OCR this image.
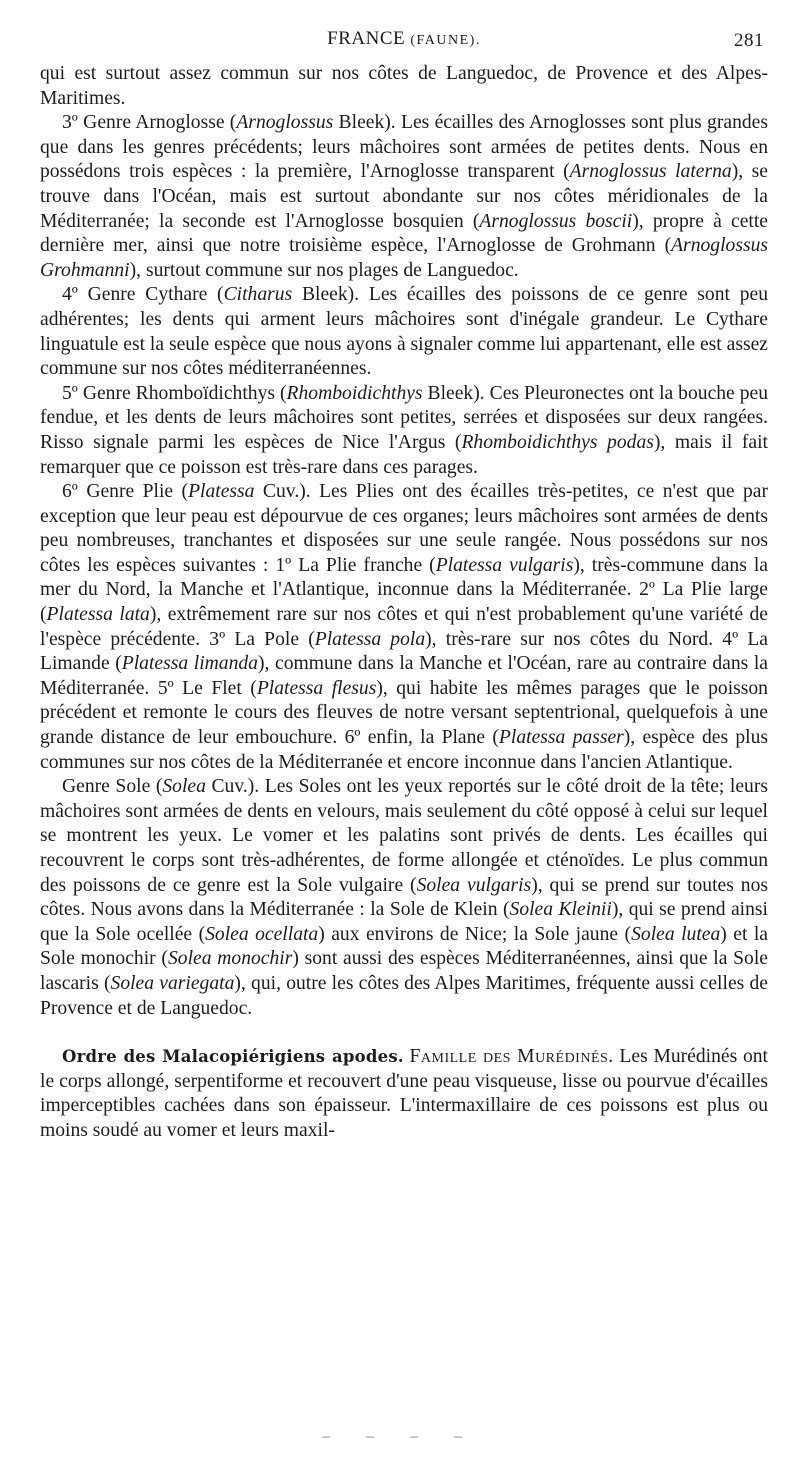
FRANCE (FAUNE).	281

qui est surtout assez commun sur nos côtes de Languedoc, de Provence et des Alpes-Maritimes.

3º Genre Arnoglosse (Arnoglossus Bleek). Les écailles des Arnoglosses sont plus grandes que dans les genres précédents; leurs mâchoires sont armées de petites dents. Nous en possédons trois espèces : la première, l'Arnoglosse transparent (Arnoglossus laterna), se trouve dans l'Océan, mais est surtout abondante sur nos côtes méridionales de la Méditerranée; la seconde est l'Arnoglosse bosquien (Arnoglossus boscii), propre à cette dernière mer, ainsi que notre troisième espèce, l'Arnoglosse de Grohmann (Arnoglossus Grohmanni), surtout commune sur nos plages de Languedoc.

4º Genre Cythare (Citharus Bleek). Les écailles des poissons de ce genre sont peu adhérentes; les dents qui arment leurs mâchoires sont d'inégale grandeur. Le Cythare linguatule est la seule espèce que nous ayons à signaler comme lui appartenant, elle est assez commune sur nos côtes méditerranéennes.

5º Genre Rhomboïdichthys (Rhomboidichthys Bleek). Ces Pleuronectes ont la bouche peu fendue, et les dents de leurs mâchoires sont petites, serrées et disposées sur deux rangées. Risso signale parmi les espèces de Nice l'Argus (Rhomboidichthys podas), mais il fait remarquer que ce poisson est très-rare dans ces parages.

6º Genre Plie (Platessa Cuv.). Les Plies ont des écailles très-petites, ce n'est que par exception que leur peau est dépourvue de ces organes; leurs mâchoires sont armées de dents peu nombreuses, tranchantes et disposées sur une seule rangée. Nous possédons sur nos côtes les espèces suivantes : 1º La Plie franche (Platessa vulgaris), très-commune dans la mer du Nord, la Manche et l'Atlantique, inconnue dans la Méditerranée. 2º La Plie large (Platessa lata), extrêmement rare sur nos côtes et qui n'est probablement qu'une variété de l'espèce précédente. 3º La Pole (Platessa pola), très-rare sur nos côtes du Nord. 4º La Limande (Platessa limanda), commune dans la Manche et l'Océan, rare au contraire dans la Méditerranée. 5º Le Flet (Platessa flesus), qui habite les mêmes parages que le poisson précédent et remonte le cours des fleuves de notre versant septentrional, quelquefois à une grande distance de leur embouchure. 6º enfin, la Plane (Platessa passer), espèce des plus communes sur nos côtes de la Méditerranée et encore inconnue dans l'ancien Atlantique.

Genre Sole (Solea Cuv.). Les Soles ont les yeux reportés sur le côté droit de la tête; leurs mâchoires sont armées de dents en velours, mais seulement du côté opposé à celui sur lequel se montrent les yeux. Le vomer et les palatins sont privés de dents. Les écailles qui recouvrent le corps sont très-adhérentes, de forme allongée et cténoïdes. Le plus commun des poissons de ce genre est la Sole vulgaire (Solea vulgaris), qui se prend sur toutes nos côtes. Nous avons dans la Méditerranée : la Sole de Klein (Solea Kleinii), qui se prend ainsi que la Sole ocellée (Solea ocellata) aux environs de Nice; la Sole jaune (Solea lutea) et la Sole monochir (Solea monochir) sont aussi des espèces Méditerranéennes, ainsi que la Sole lascaris (Solea variegata), qui, outre les côtes des Alpes Maritimes, fréquente aussi celles de Provence et de Languedoc.

Ordre des Malacopiérigiens apodes. Famille des Murédinés. Les Murédinés ont le corps allongé, serpentiforme et recouvert d'une peau visqueuse, lisse ou pourvue d'écailles imperceptibles cachées dans son épaisseur. L'intermaxillaire de ces poissons est plus ou moins soudé au vomer et leurs maxil-

– – – –
